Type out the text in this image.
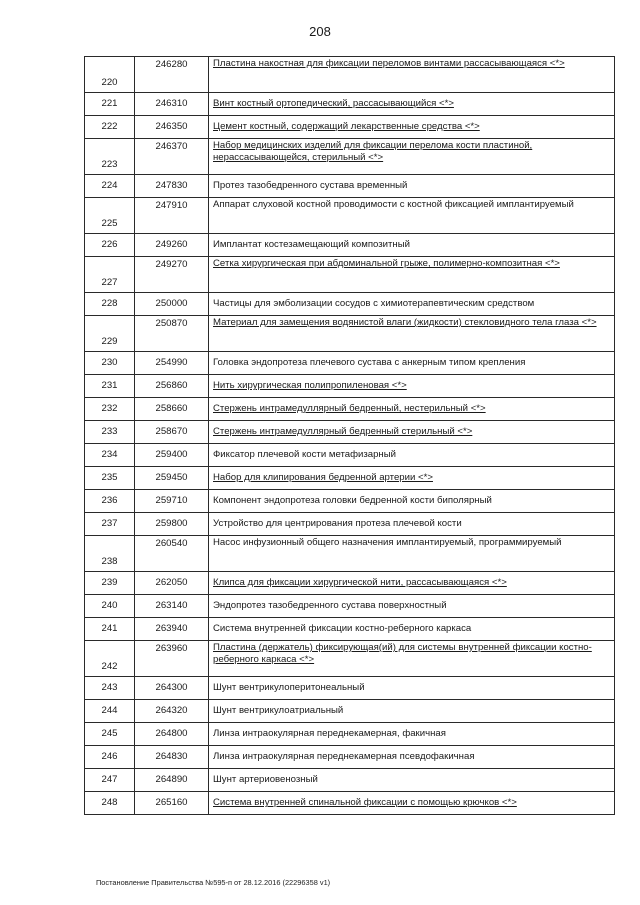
208
220	246280	Пластина накостная для фиксации переломов винтами рассасывающаяся <*>
221	246310	Винт костный ортопедический, рассасывающийся <*>
222	246350	Цемент костный, содержащий лекарственные средства <*>
223	246370	Набор медицинских изделий для фиксации перелома кости пластиной, нерассасывающейся, стерильный <*>
224	247830	Протез тазобедренного сустава временный
225	247910	Аппарат слуховой костной проводимости с костной фиксацией имплантируемый
226	249260	Имплантат костезамещающий композитный
227	249270	Сетка хирургическая при абдоминальной грыже, полимерно-композитная <*>
228	250000	Частицы для эмболизации сосудов с химиотерапевтическим средством
229	250870	Материал для замещения водянистой влаги (жидкости) стекловидного тела глаза <*>
230	254990	Головка эндопротеза плечевого сустава с анкерным типом крепления
231	256860	Нить хирургическая полипропиленовая <*>
232	258660	Стержень интрамедуллярный бедренный, нестерильный <*>
233	258670	Стержень интрамедуллярный бедренный стерильный <*>
234	259400	Фиксатор плечевой кости метафизарный
235	259450	Набор для клипирования бедренной артерии <*>
236	259710	Компонент эндопротеза головки бедренной кости биполярный
237	259800	Устройство для центрирования протеза плечевой кости
238	260540	Насос инфузионный общего назначения имплантируемый, программируемый
239	262050	Клипса для фиксации хирургической нити, рассасывающаяся <*>
240	263140	Эндопротез тазобедренного сустава поверхностный
241	263940	Система внутренней фиксации костно-реберного каркаса
242	263960	Пластина (держатель) фиксирующая(ий) для системы внутренней фиксации костно-реберного каркаса <*>
243	264300	Шунт вентрикулоперитонеальный
244	264320	Шунт вентрикулоатриальный
245	264800	Линза интраокулярная переднекамерная, факичная
246	264830	Линза интраокулярная переднекамерная псевдофакичная
247	264890	Шунт артериовенозный
248	265160	Система внутренней спинальной фиксации с помощью крючков <*>
Постановление Правительства №595-п от 28.12.2016 (22296358 v1)
